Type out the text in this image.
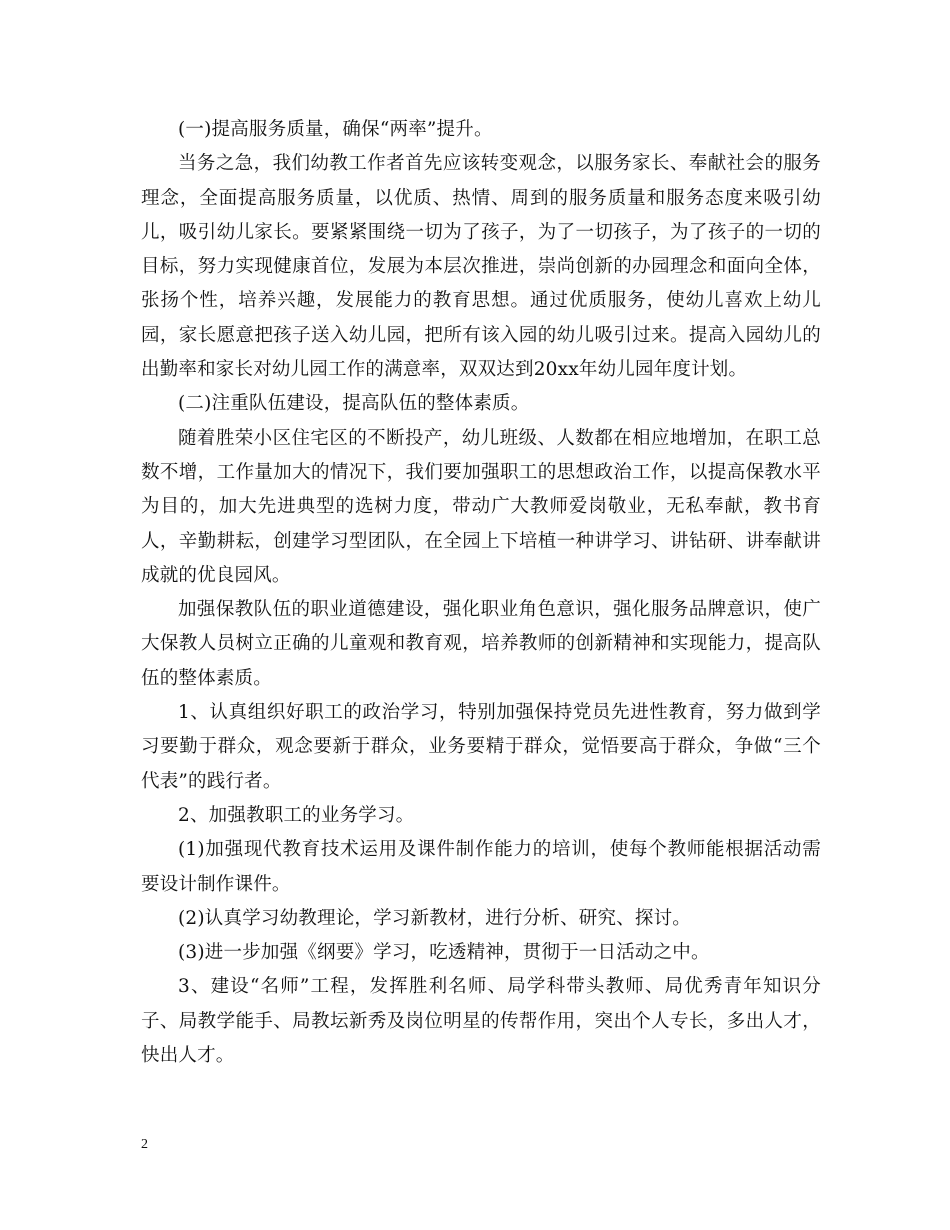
(一)提高服务质量，确保“两率”提升。

当务之急，我们幼教工作者首先应该转变观念，以服务家长、奉献社会的服务理念，全面提高服务质量，以优质、热情、周到的服务质量和服务态度来吸引幼儿，吸引幼儿家长。要紧紧围绕一切为了孩子，为了一切孩子，为了孩子的一切的目标，努力实现健康首位，发展为本层次推进，崇尚创新的办园理念和面向全体，张扬个性，培养兴趣，发展能力的教育思想。通过优质服务，使幼儿喜欢上幼儿园，家长愿意把孩子送入幼儿园，把所有该入园的幼儿吸引过来。提高入园幼儿的出勤率和家长对幼儿园工作的满意率，双双达到20xx年幼儿园年度计划。

(二)注重队伍建设，提高队伍的整体素质。

随着胜荣小区住宅区的不断投产，幼儿班级、人数都在相应地增加，在职工总数不增，工作量加大的情况下，我们要加强职工的思想政治工作，以提高保教水平为目的，加大先进典型的选树力度，带动广大教师爱岗敬业，无私奉献，教书育人，辛勤耕耘，创建学习型团队，在全园上下培植一种讲学习、讲钻研、讲奉献讲成就的优良园风。

加强保教队伍的职业道德建设，强化职业角色意识，强化服务品牌意识，使广大保教人员树立正确的儿童观和教育观，培养教师的创新精神和实现能力，提高队伍的整体素质。

1、认真组织好职工的政治学习，特别加强保持党员先进性教育，努力做到学习要勤于群众，观念要新于群众，业务要精于群众，觉悟要高于群众，争做“三个代表”的践行者。

2、加强教职工的业务学习。

(1)加强现代教育技术运用及课件制作能力的培训，使每个教师能根据活动需要设计制作课件。

(2)认真学习幼教理论，学习新教材，进行分析、研究、探讨。

(3)进一步加强《纲要》学习，吃透精神，贯彻于一日活动之中。

3、建设“名师”工程，发挥胜利名师、局学科带头教师、局优秀青年知识分子、局教学能手、局教坛新秀及岗位明星的传帮作用，突出个人专长，多出人才，快出人才。

2
